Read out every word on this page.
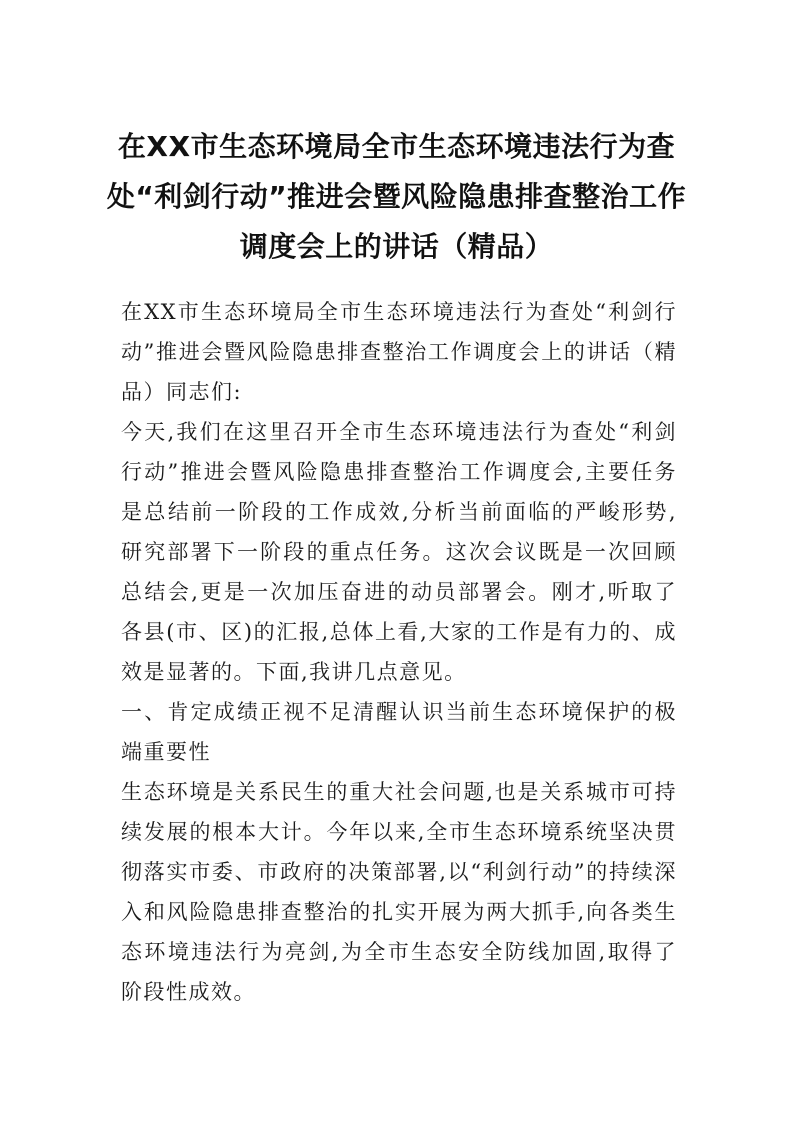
在XX市生态环境局全市生态环境违法行为查处“利剑行动”推进会暨风险隐患排查整治工作调度会上的讲话（精品）

在XX市生态环境局全市生态环境违法行为查处“利剑行动”推进会暨风险隐患排查整治工作调度会上的讲话（精品）同志们:

今天,我们在这里召开全市生态环境违法行为查处“利剑行动”推进会暨风险隐患排查整治工作调度会,主要任务是总结前一阶段的工作成效,分析当前面临的严峻形势,研究部署下一阶段的重点任务。这次会议既是一次回顾总结会,更是一次加压奋进的动员部署会。刚才,听取了各县(市、区)的汇报,总体上看,大家的工作是有力的、成效是显著的。下面,我讲几点意见。

一、肯定成绩正视不足清醒认识当前生态环境保护的极端重要性

生态环境是关系民生的重大社会问题,也是关系城市可持续发展的根本大计。今年以来,全市生态环境系统坚决贯彻落实市委、市政府的决策部署,以“利剑行动”的持续深入和风险隐患排查整治的扎实开展为两大抓手,向各类生态环境违法行为亮剑,为全市生态安全防线加固,取得了阶段性成效。
